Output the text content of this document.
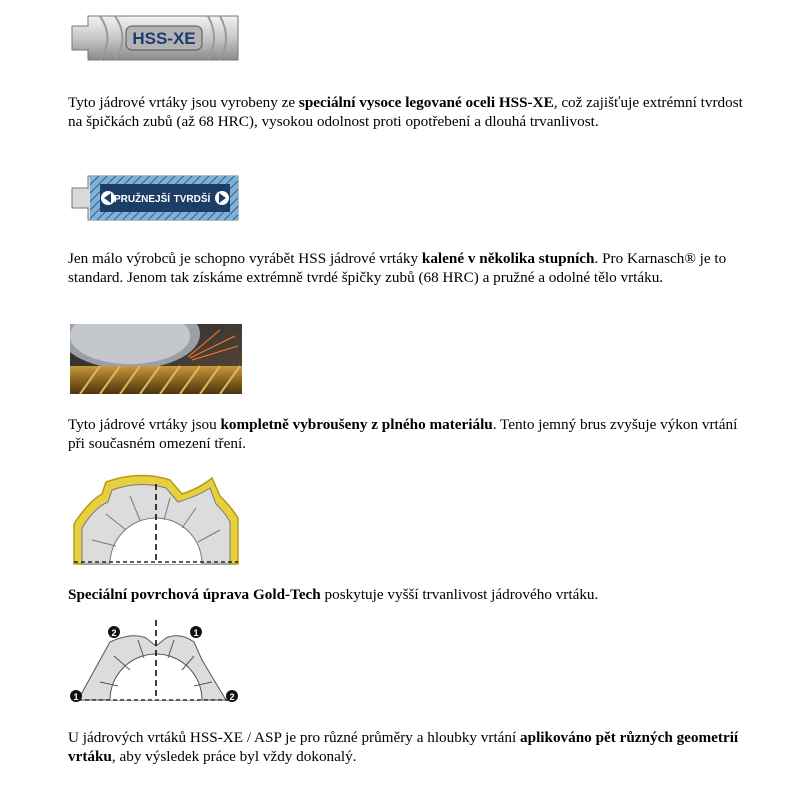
HSS-XE

Tyto jádrové vrtáky jsou vyrobeny ze speciální vysoce legované oceli HSS-XE, což zajišťuje extrémní tvrdost na špičkách zubů (až 68 HRC), vysokou odolnost proti opotřebení a dlouhá trvanlivost.

PRUŽNEJŠÍ TVRDŠÍ

Jen málo výrobců je schopno vyrábět HSS jádrové vrtáky kalené v několika stupních. Pro Karnasch® je to standard. Jenom tak získáme extrémně tvrdé špičky zubů (68 HRC) a pružné a odolné tělo vrtáku.

Tyto jádrové vrtáky jsou kompletně vybroušeny z plného materiálu. Tento jemný brus zvyšuje výkon vrtání při současném omezení tření.

Speciální povrchová úprava Gold-Tech poskytuje vyšší trvanlivost jádrového vrtáku.

2	1
1	2

U jádrových vrtáků HSS-XE / ASP je pro různé průměry a hloubky vrtání aplikováno pět různých geometrií vrtáku, aby výsledek práce byl vždy dokonalý.
